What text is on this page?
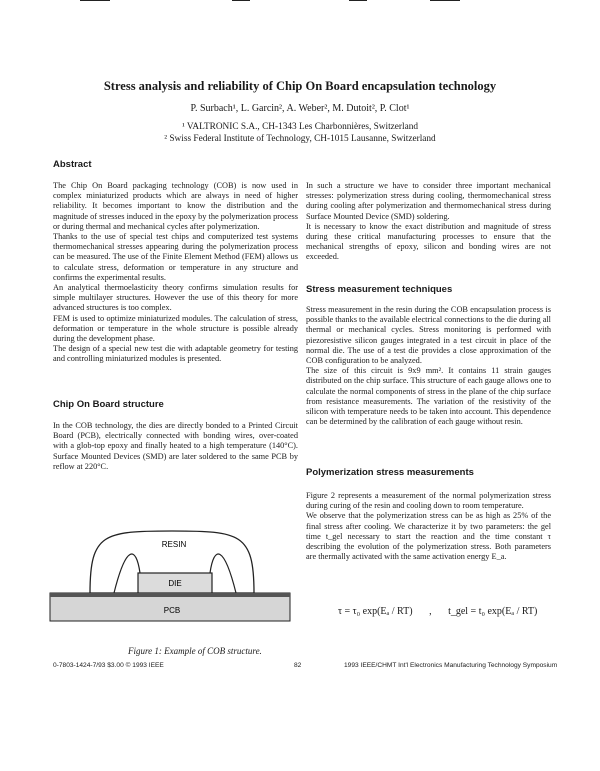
Stress analysis and reliability of Chip On Board encapsulation technology
P. Surbach¹, L. Garcin², A. Weber², M. Dutoit², P. Clot¹
¹ VALTRONIC S.A., CH-1343 Les Charbonnières, Switzerland
² Swiss Federal Institute of Technology, CH-1015 Lausanne, Switzerland
Abstract

The Chip On Board packaging technology (COB) is now used in complex miniaturized products which are always in need of higher reliability. It becomes important to know the distribution and the magnitude of stresses induced in the epoxy by the polymerization process or during thermal and mechanical cycles after polymerization.

Thanks to the use of special test chips and computerized test systems thermomechanical stresses appearing during the polymerization process can be measured. The use of the Finite Element Method (FEM) allows us to calculate stress, deformation or temperature in any structure and confirms the experimental results.

An analytical thermoelasticity theory confirms simulation results for simple multilayer structures. However the use of this theory for more advanced structures is too complex.

FEM is used to optimize miniaturized modules. The calculation of stress, deformation or temperature in the whole structure is possible already during the development phase.

The design of a special new test die with adaptable geometry for testing and controlling miniaturized modules is presented.

Chip On Board structure

In the COB technology, the dies are directly bonded to a Printed Circuit Board (PCB), electrically connected with bonding wires, over-coated with a glob-top epoxy and finally heated to a high temperature (140°C). Surface Mounted Devices (SMD) are later soldered to the same PCB by reflow at 220°C.

RESIN
DIE
PCB
Figure 1: Example of COB structure.

In such a structure we have to consider three important mechanical stresses: polymerization stress during cooling, thermomechanical stress during cooling after polymerization and thermomechanical stress during Surface Mounted Device (SMD) soldering.

It is necessary to know the exact distribution and magnitude of stress during these critical manufacturing processes to ensure that the mechanical strengths of epoxy, silicon and bonding wires are not exceeded.

Stress measurement techniques

Stress measurement in the resin during the COB encapsulation process is possible thanks to the available electrical connections to the die during all thermal or mechanical cycles. Stress monitoring is performed with piezoresistive silicon gauges integrated in a test circuit in place of the normal die. The use of a test die provides a close approximation of the COB configuration to be analyzed.

The size of this circuit is 9x9 mm². It contains 11 strain gauges distributed on the chip surface. This structure of each gauge allows one to calculate the normal components of stress in the plane of the chip surface from resistance measurements. The variation of the resistivity of the silicon with temperature needs to be taken into account. This dependence can be determined by the calibration of each gauge without resin.

Polymerization stress measurements

Figure 2 represents a measurement of the normal polymerization stress during curing of the resin and cooling down to room temperature.

We observe that the polymerization stress can be as high as 25% of the final stress after cooling. We characterize it by two parameters: the gel time t_gel necessary to start the reaction and the time constant τ describing the evolution of the polymerization stress. Both parameters are thermally activated with the same activation energy E_a.

τ = τ₀ exp(Eₐ / RT) , t_gel = t₀ exp(Eₐ / RT)
0-7803-1424-7/93 $3.00 © 1993 IEEE	82	1993 IEEE/CHMT Int'l Electronics Manufacturing Technology Symposium
